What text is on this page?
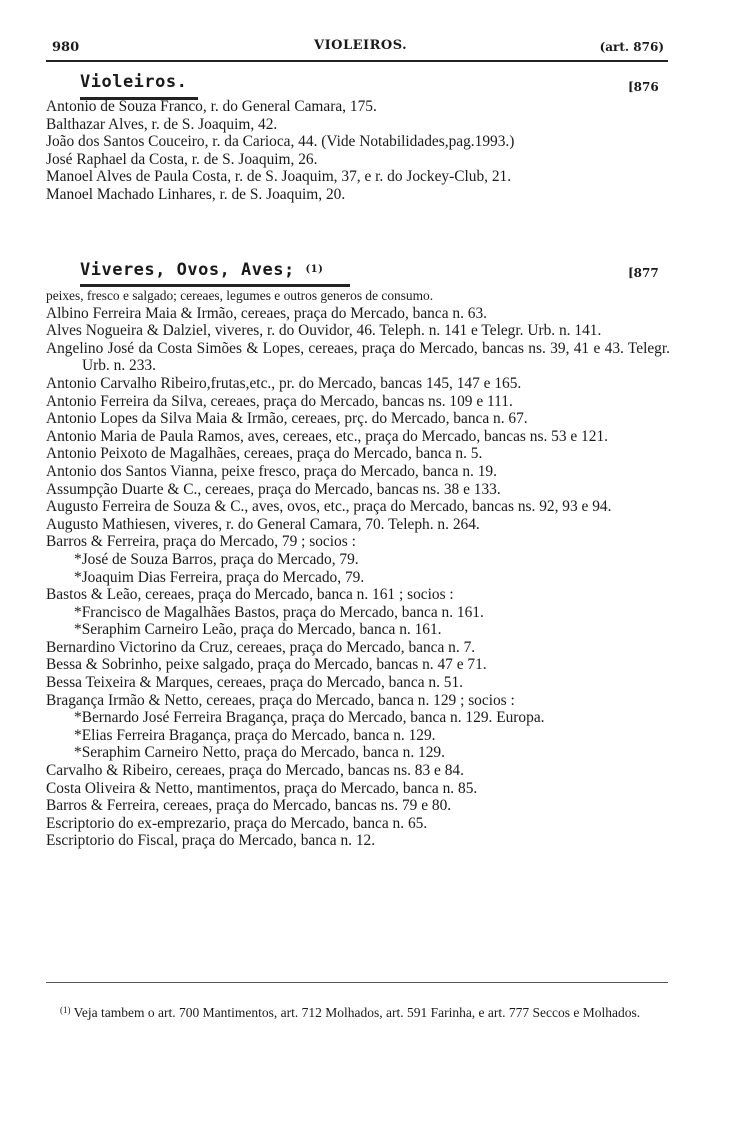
980	VIOLEIROS.	(art. 876)
Violeiros.	[876
Antonio de Souza Franco, r. do General Camara, 175.
Balthazar Alves, r. de S. Joaquim, 42.
João dos Santos Couceiro, r. da Carioca, 44. (Vide Notabilidades,pag.1993.)
José Raphael da Costa, r. de S. Joaquim, 26.
Manoel Alves de Paula Costa, r. de S. Joaquim, 37, e r. do Jockey-Club, 21.
Manoel Machado Linhares, r. de S. Joaquim, 20.
Viveres, Ovos, Aves; (1)	[877
peixes, fresco e salgado; cereaes, legumes e outros generos de consumo.
Albino Ferreira Maia & Irmão, cereaes, praça do Mercado, banca n. 63.
Alves Nogueira & Dalziel, viveres, r. do Ouvidor, 46. Teleph. n. 141 e Telegr. Urb. n. 141.
Angelino José da Costa Simões & Lopes, cereaes, praça do Mercado, bancas ns. 39, 41 e 43. Telegr. Urb. n. 233.
Antonio Carvalho Ribeiro,frutas,etc., pr. do Mercado, bancas 145, 147 e 165.
Antonio Ferreira da Silva, cereaes, praça do Mercado, bancas ns. 109 e 111.
Antonio Lopes da Silva Maia & Irmão, cereaes, prç. do Mercado, banca n. 67.
Antonio Maria de Paula Ramos, aves, cereaes, etc., praça do Mercado, bancas ns. 53 e 121.
Antonio Peixoto de Magalhães, cereaes, praça do Mercado, banca n. 5.
Antonio dos Santos Vianna, peixe fresco, praça do Mercado, banca n. 19.
Assumpção Duarte & C., cereaes, praça do Mercado, bancas ns. 38 e 133.
Augusto Ferreira de Souza & C., aves, ovos, etc., praça do Mercado, bancas ns. 92, 93 e 94.
Augusto Mathiesen, viveres, r. do General Camara, 70. Teleph. n. 264.
Barros & Ferreira, praça do Mercado, 79 ; socios :
*José de Souza Barros, praça do Mercado, 79.
*Joaquim Dias Ferreira, praça do Mercado, 79.
Bastos & Leão, cereaes, praça do Mercado, banca n. 161 ; socios :
*Francisco de Magalhães Bastos, praça do Mercado, banca n. 161.
*Seraphim Carneiro Leão, praça do Mercado, banca n. 161.
Bernardino Victorino da Cruz, cereaes, praça do Mercado, banca n. 7.
Bessa & Sobrinho, peixe salgado, praça do Mercado, bancas n. 47 e 71.
Bessa Teixeira & Marques, cereaes, praça do Mercado, banca n. 51.
Bragança Irmão & Netto, cereaes, praça do Mercado, banca n. 129 ; socios :
*Bernardo José Ferreira Bragança, praça do Mercado, banca n. 129. Europa.
*Elias Ferreira Bragança, praça do Mercado, banca n. 129.
*Seraphim Carneiro Netto, praça do Mercado, banca n. 129.
Carvalho & Ribeiro, cereaes, praça do Mercado, bancas ns. 83 e 84.
Costa Oliveira & Netto, mantimentos, praça do Mercado, banca n. 85.
Barros & Ferreira, cereaes, praça do Mercado, bancas ns. 79 e 80.
Escriptorio do ex-emprezario, praça do Mercado, banca n. 65.
Escriptorio do Fiscal, praça do Mercado, banca n. 12.
$^{(1)}$ Veja tambem o art. 700 Mantimentos, art. 712 Molhados, art. 591 Farinha, e art. 777 Seccos e Molhados.
